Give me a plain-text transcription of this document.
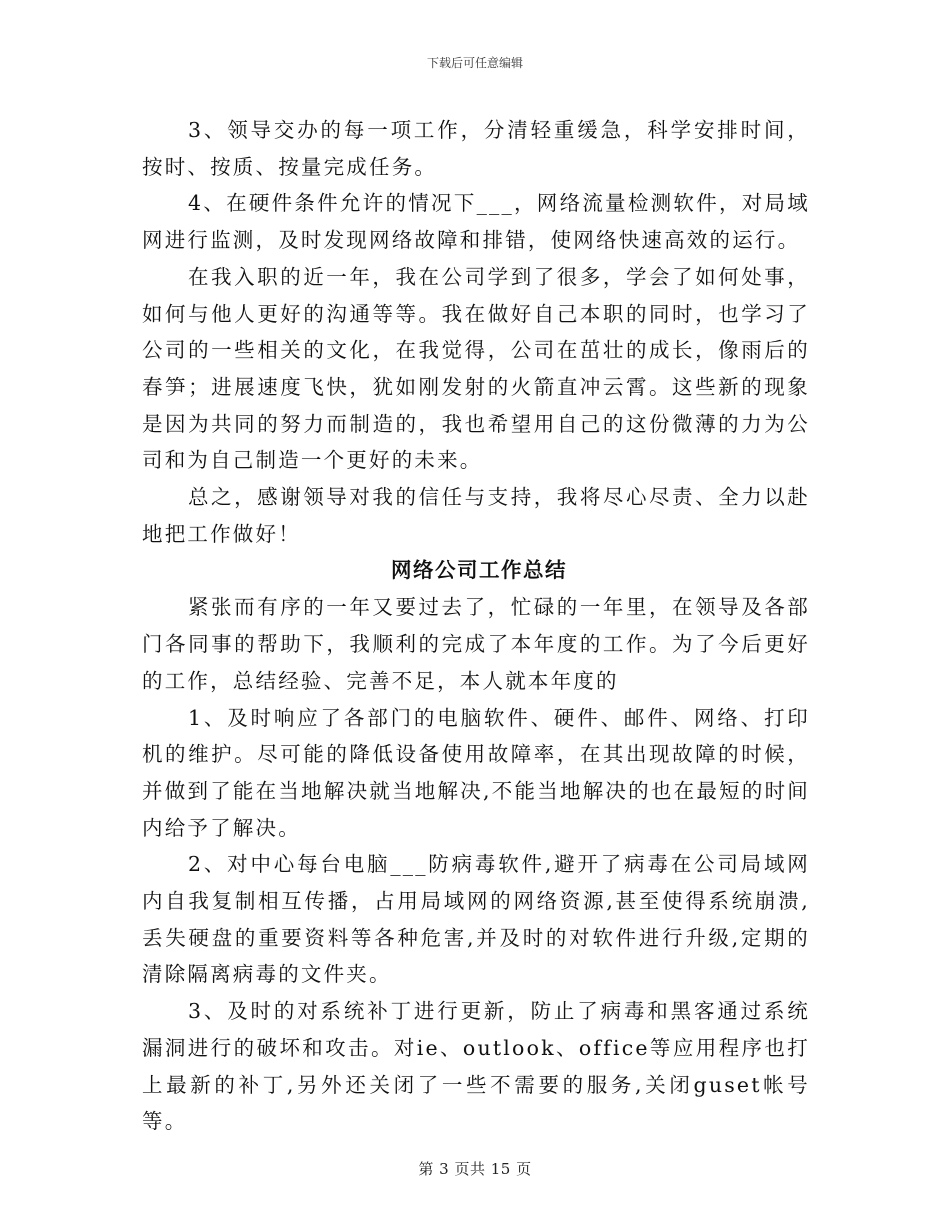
下载后可任意编辑

3、领导交办的每一项工作，分清轻重缓急，科学安排时间，按时、按质、按量完成任务。

4、在硬件条件允许的情况下___，网络流量检测软件，对局域网进行监测，及时发现网络故障和排错，使网络快速高效的运行。

在我入职的近一年，我在公司学到了很多，学会了如何处事，如何与他人更好的沟通等等。我在做好自己本职的同时，也学习了公司的一些相关的文化，在我觉得，公司在茁壮的成长，像雨后的春笋；进展速度飞快，犹如刚发射的火箭直冲云霄。这些新的现象是因为共同的努力而制造的，我也希望用自己的这份微薄的力为公司和为自己制造一个更好的未来。

总之，感谢领导对我的信任与支持，我将尽心尽责、全力以赴地把工作做好！

网络公司工作总结

紧张而有序的一年又要过去了，忙碌的一年里，在领导及各部门各同事的帮助下，我顺利的完成了本年度的工作。为了今后更好的工作，总结经验、完善不足，本人就本年度的

1、及时响应了各部门的电脑软件、硬件、邮件、网络、打印机的维护。尽可能的降低设备使用故障率，在其出现故障的时候，并做到了能在当地解决就当地解决,不能当地解决的也在最短的时间内给予了解决。

2、对中心每台电脑___防病毒软件,避开了病毒在公司局域网内自我复制相互传播，占用局域网的网络资源,甚至使得系统崩溃,丢失硬盘的重要资料等各种危害,并及时的对软件进行升级,定期的清除隔离病毒的文件夹。

3、及时的对系统补丁进行更新，防止了病毒和黑客通过系统漏洞进行的破坏和攻击。对ie、outlook、office等应用程序也打上最新的补丁,另外还关闭了一些不需要的服务,关闭guset帐号等。

第 3 页共 15 页
